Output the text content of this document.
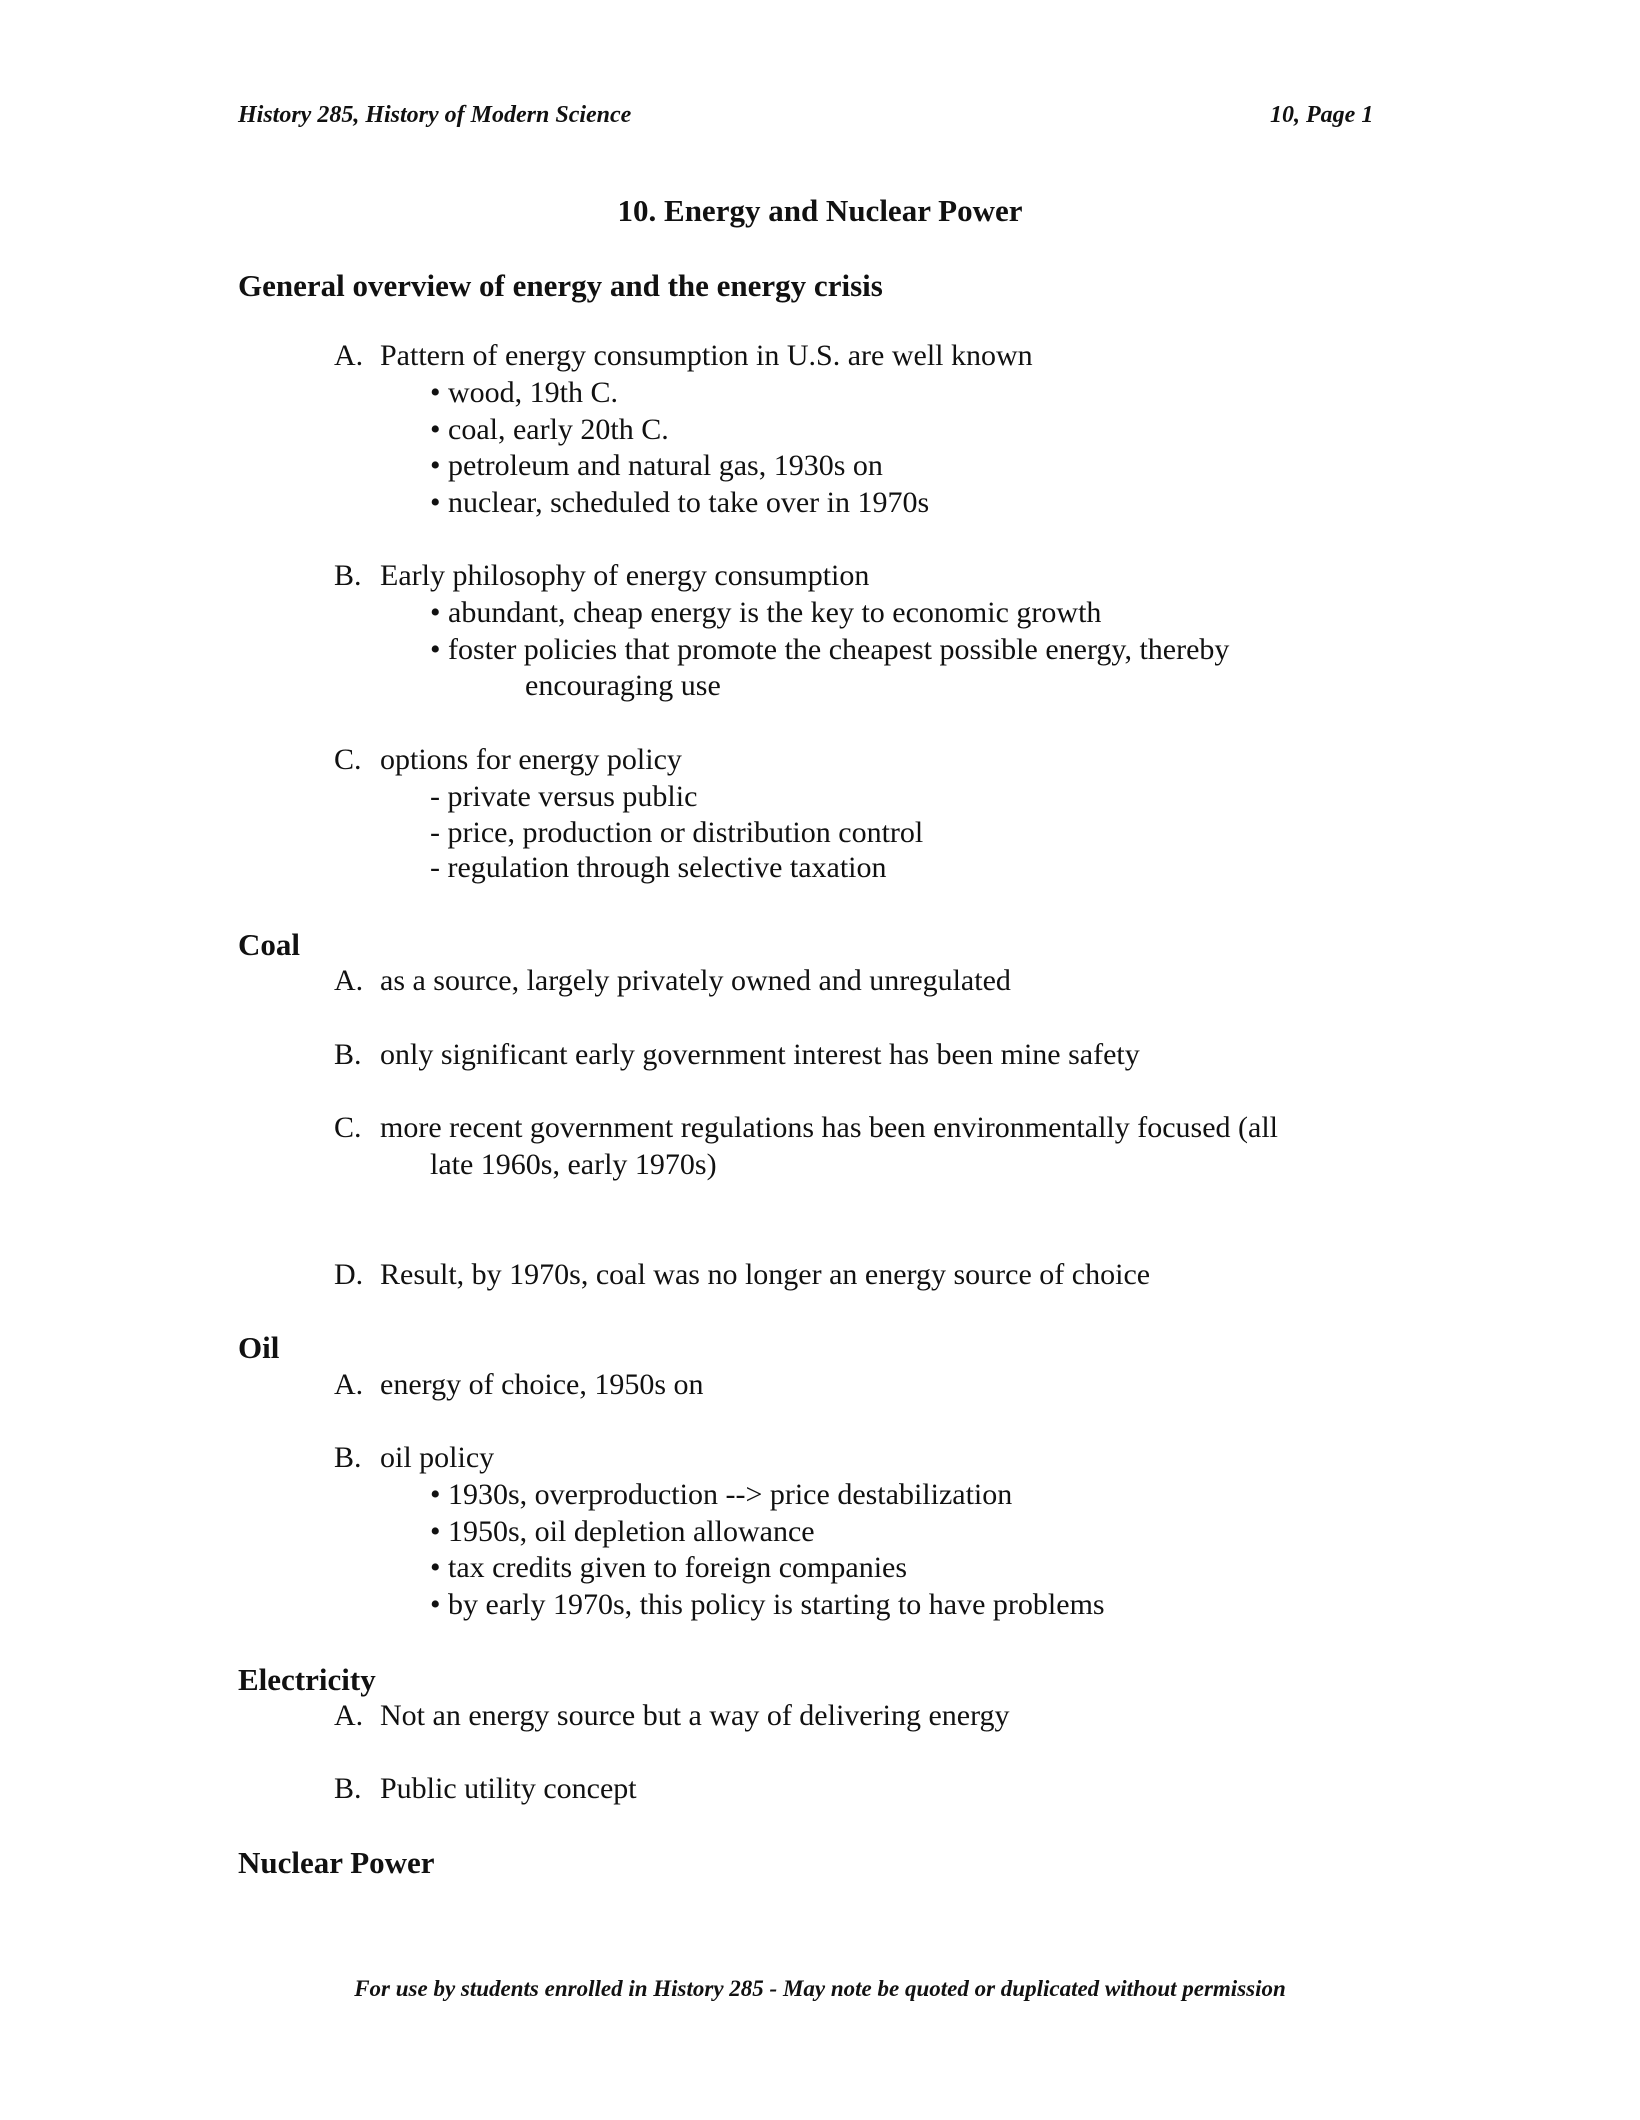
History 285, History of Modern Science	10, Page 1
10. Energy and Nuclear Power
General overview of energy and the energy crisis
A. Pattern of energy consumption in U.S. are well known
• wood, 19th C.
• coal, early 20th C.
• petroleum and natural gas, 1930s on
• nuclear, scheduled to take over in 1970s
B. Early philosophy of energy consumption
• abundant, cheap energy is the key to economic growth
• foster policies that promote the cheapest possible energy, thereby
encouraging use
C. options for energy policy
- private versus public
- price, production or distribution control
- regulation through selective taxation
Coal
A. as a source, largely privately owned and unregulated
B. only significant early government interest has been mine safety
C. more recent government regulations has been environmentally focused (all
late 1960s, early 1970s)
D. Result, by 1970s, coal was no longer an energy source of choice
Oil
A. energy of choice, 1950s on
B. oil policy
• 1930s, overproduction --> price destabilization
• 1950s, oil depletion allowance
• tax credits given to foreign companies
• by early 1970s, this policy is starting to have problems
Electricity
A. Not an energy source but a way of delivering energy
B. Public utility concept
Nuclear Power
For use by students enrolled in History 285 - May note be quoted or duplicated without permission
